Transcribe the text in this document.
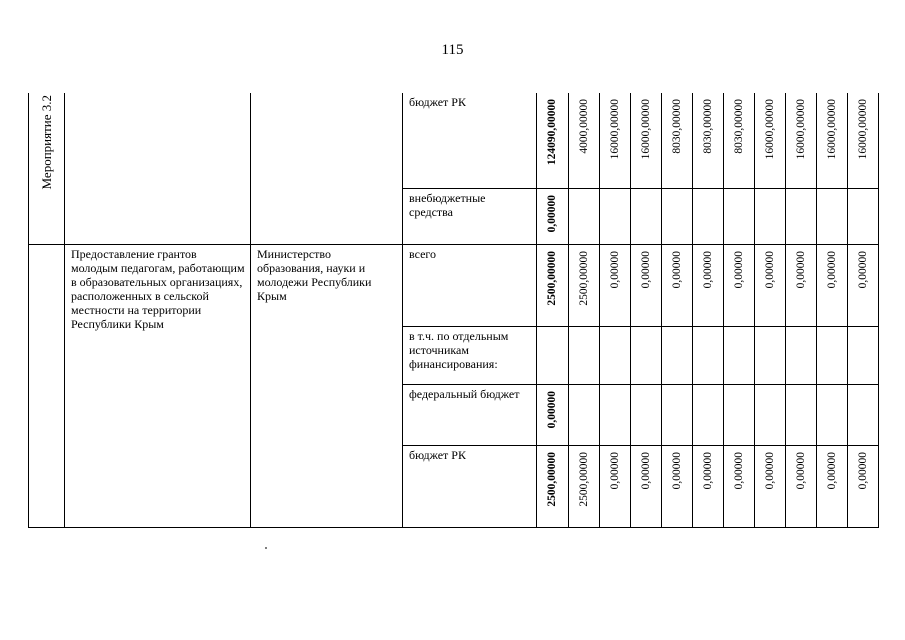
115

			бюджет РК	124090,00000	4000,00000	16000,00000	16000,00000	8030,00000	8030,00000	8030,00000	16000,00000	16000,00000	16000,00000	16000,00000

			внебюджетные средства	0,00000										

Мероприятие 3.2	Предоставление грантов молодым педагогам, работающим в образовательных организациях, расположенных в сельской местности на территории Республики Крым	Министерство образования, науки и молодежи Республики Крым	всего	2500,00000	2500,00000	0,00000	0,00000	0,00000	0,00000	0,00000	0,00000	0,00000	0,00000	0,00000

			в т.ч. по отдельным источникам финансирования:											

			федеральный бюджет	0,00000										

			бюджет РК	2500,00000	2500,00000	0,00000	0,00000	0,00000	0,00000	0,00000	0,00000	0,00000	0,00000	0,00000
